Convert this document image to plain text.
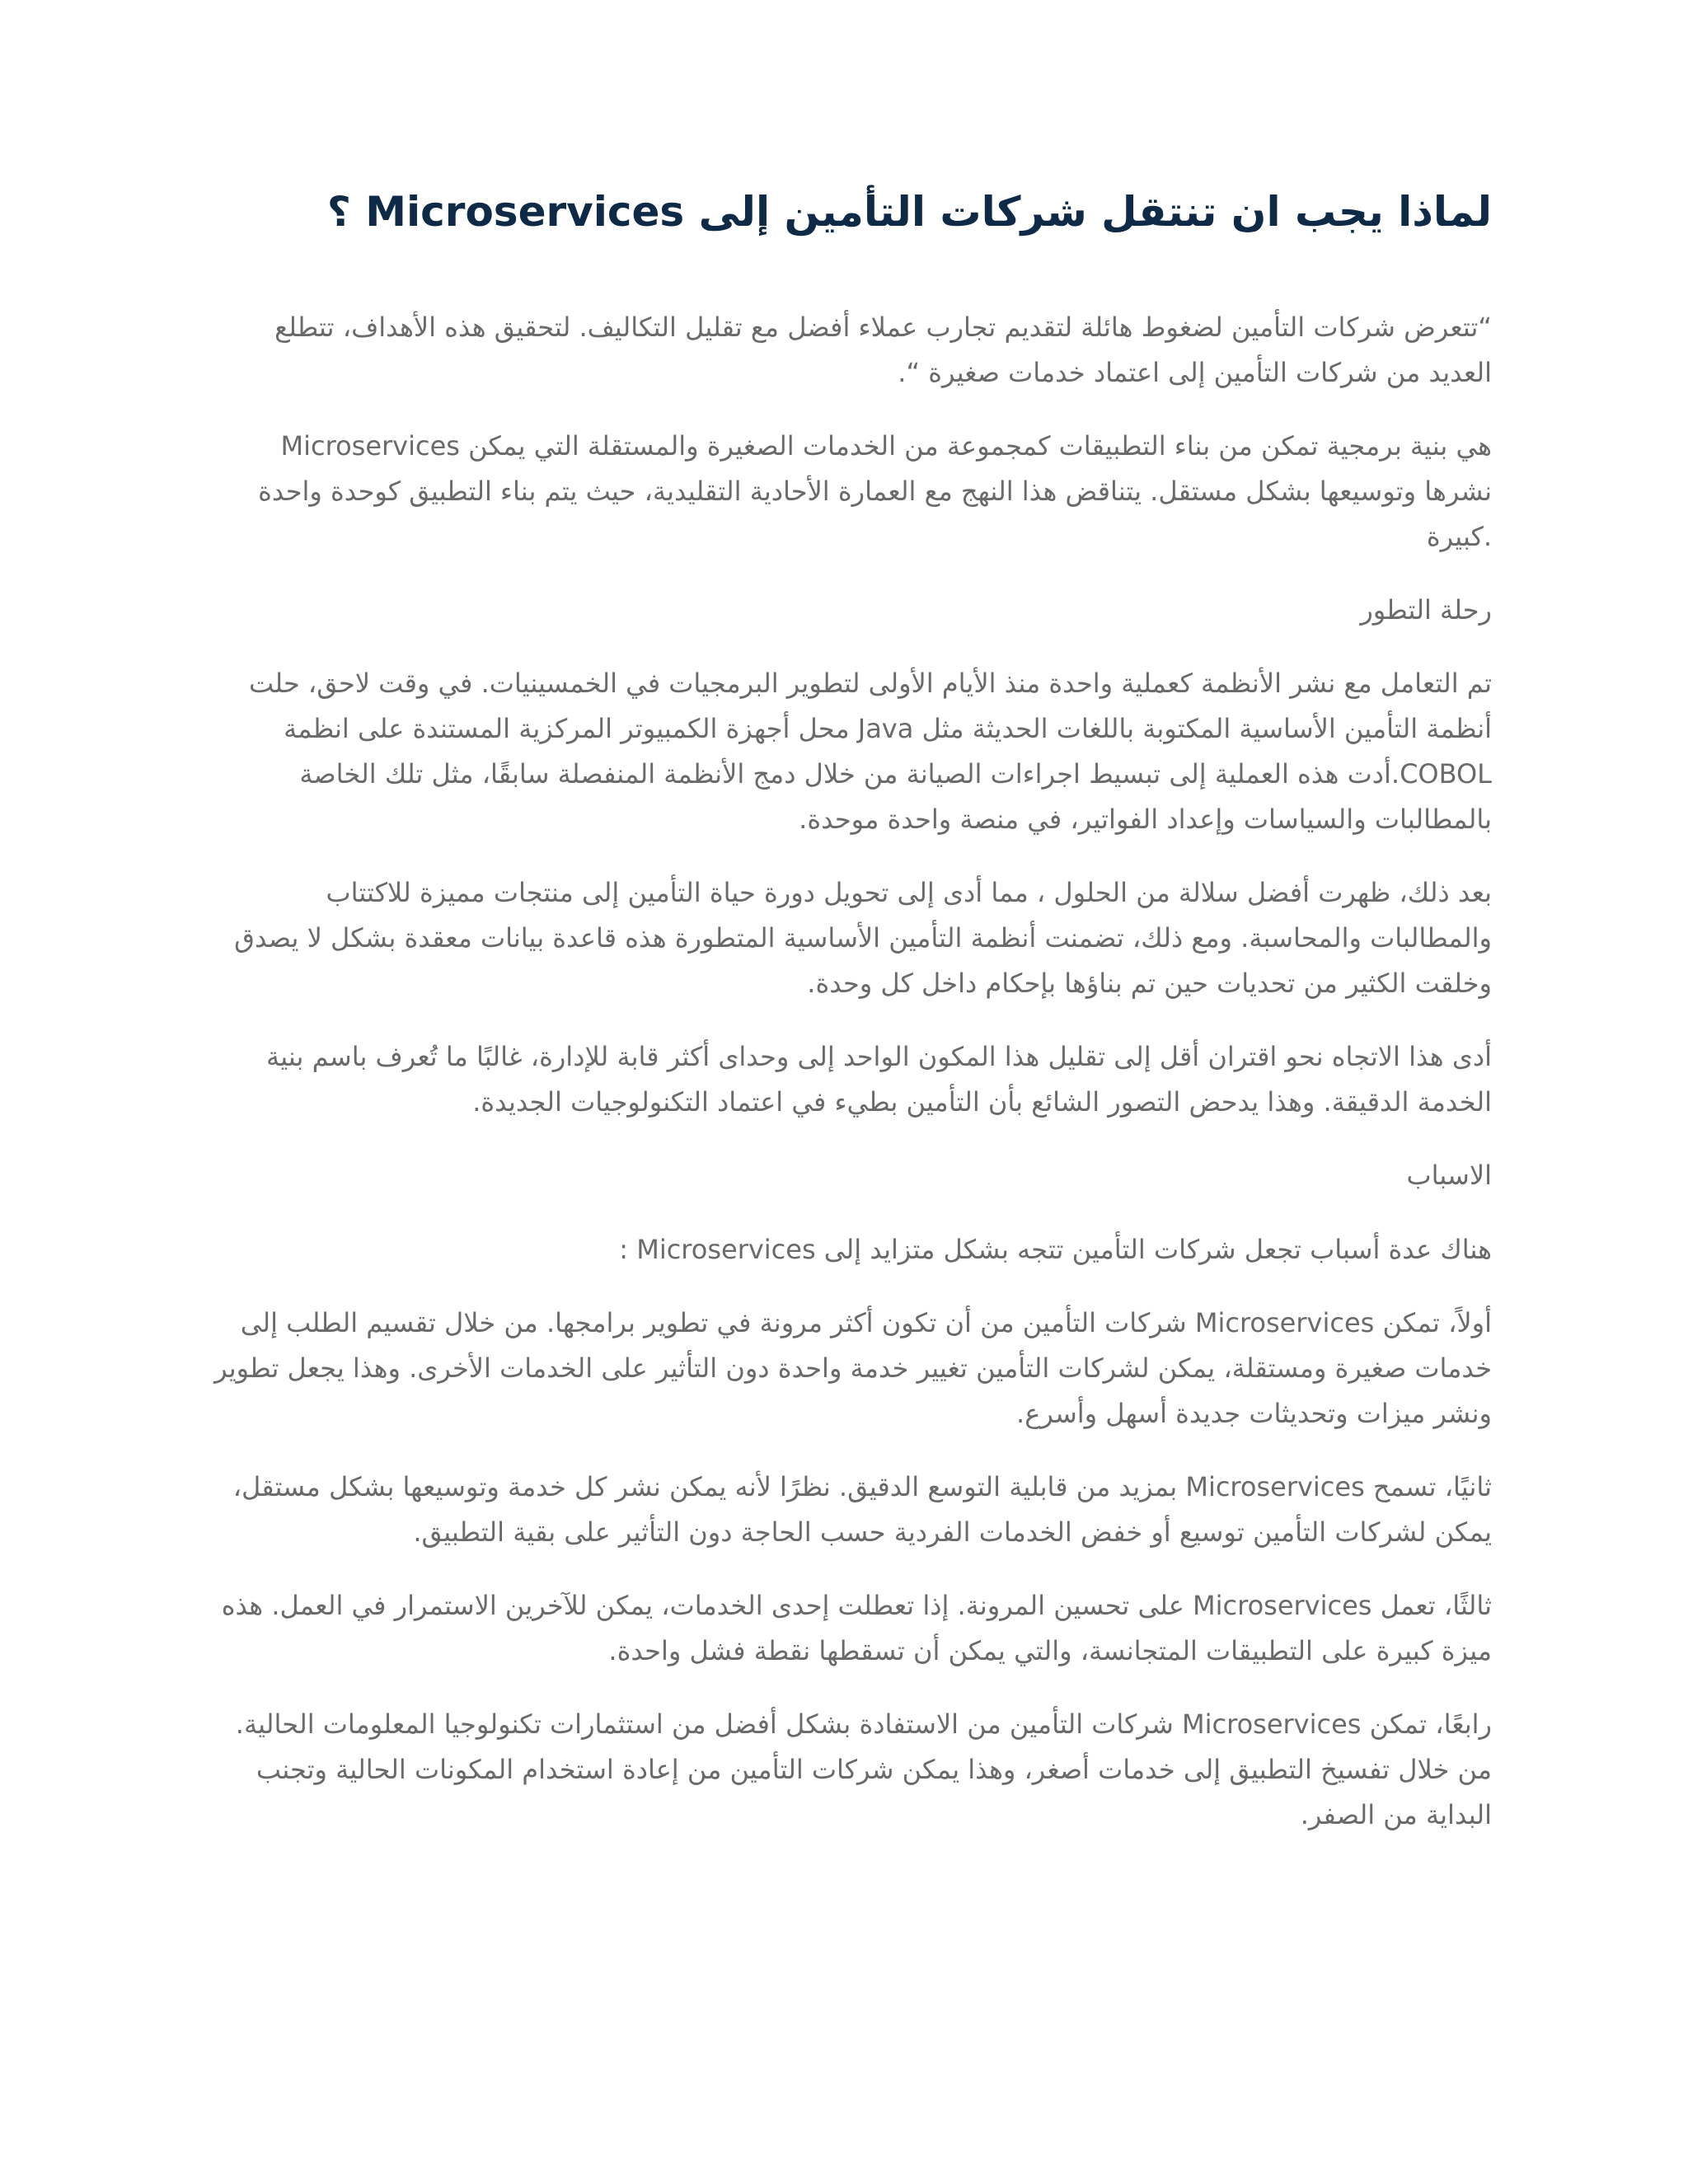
لماذا يجب ان تنتقل شركات التأمين إلى Microservices ؟

“تتعرض شركات التأمين لضغوط هائلة لتقديم تجارب عملاء أفضل مع تقليل التكاليف. لتحقيق هذه الأهداف، تتطلع العديد من شركات التأمين إلى اعتماد خدمات صغيرة “.

Microservices هي بنية برمجية تمكن من بناء التطبيقات كمجموعة من الخدمات الصغيرة والمستقلة التي يمكن نشرها وتوسيعها بشكل مستقل. يتناقض هذا النهج مع العمارة الأحادية التقليدية، حيث يتم بناء التطبيق كوحدة واحدة كبيرة.

رحلة التطور

تم التعامل مع نشر الأنظمة كعملية واحدة منذ الأيام الأولى لتطوير البرمجيات في الخمسينيات. في وقت لاحق، حلت أنظمة التأمين الأساسية المكتوبة باللغات الحديثة مثل Java محل أجهزة الكمبيوتر المركزية المستندة على انظمة COBOL.أدت هذه العملية إلى تبسيط اجراءات الصيانة من خلال دمج الأنظمة المنفصلة سابقًا، مثل تلك الخاصة بالمطالبات والسياسات وإعداد الفواتير، في منصة واحدة موحدة.

بعد ذلك، ظهرت أفضل سلالة من الحلول ، مما أدى إلى تحويل دورة حياة التأمين إلى منتجات مميزة للاكتتاب والمطالبات والمحاسبة. ومع ذلك، تضمنت أنظمة التأمين الأساسية المتطورة هذه قاعدة بيانات معقدة بشكل لا يصدق وخلقت الكثير من تحديات حين تم بناؤها بإحكام داخل كل وحدة.

أدى هذا الاتجاه نحو اقتران أقل إلى تقليل هذا المكون الواحد إلى وحداى أكثر قابة للإدارة، غالبًا ما تُعرف باسم بنية الخدمة الدقيقة. وهذا يدحض التصور الشائع بأن التأمين بطيء في اعتماد التكنولوجيات الجديدة.

الاسباب

هناك عدة أسباب تجعل شركات التأمين تتجه بشكل متزايد إلى Microservices :

أولاً، تمكن Microservices شركات التأمين من أن تكون أكثر مرونة في تطوير برامجها. من خلال تقسيم الطلب إلى خدمات صغيرة ومستقلة، يمكن لشركات التأمين تغيير خدمة واحدة دون التأثير على الخدمات الأخرى. وهذا يجعل تطوير ونشر ميزات وتحديثات جديدة أسهل وأسرع.

ثانيًا، تسمح Microservices بمزيد من قابلية التوسع الدقيق. نظرًا لأنه يمكن نشر كل خدمة وتوسيعها بشكل مستقل، يمكن لشركات التأمين توسيع أو خفض الخدمات الفردية حسب الحاجة دون التأثير على بقية التطبيق.

ثالثًا، تعمل Microservices على تحسين المرونة. إذا تعطلت إحدى الخدمات، يمكن للآخرين الاستمرار في العمل. هذه ميزة كبيرة على التطبيقات المتجانسة، والتي يمكن أن تسقطها نقطة فشل واحدة.

رابعًا، تمكن Microservices شركات التأمين من الاستفادة بشكل أفضل من استثمارات تكنولوجيا المعلومات الحالية. من خلال تفسيخ التطبيق إلى خدمات أصغر، وهذا يمكن شركات التأمين من إعادة استخدام المكونات الحالية وتجنب البداية من الصفر.
